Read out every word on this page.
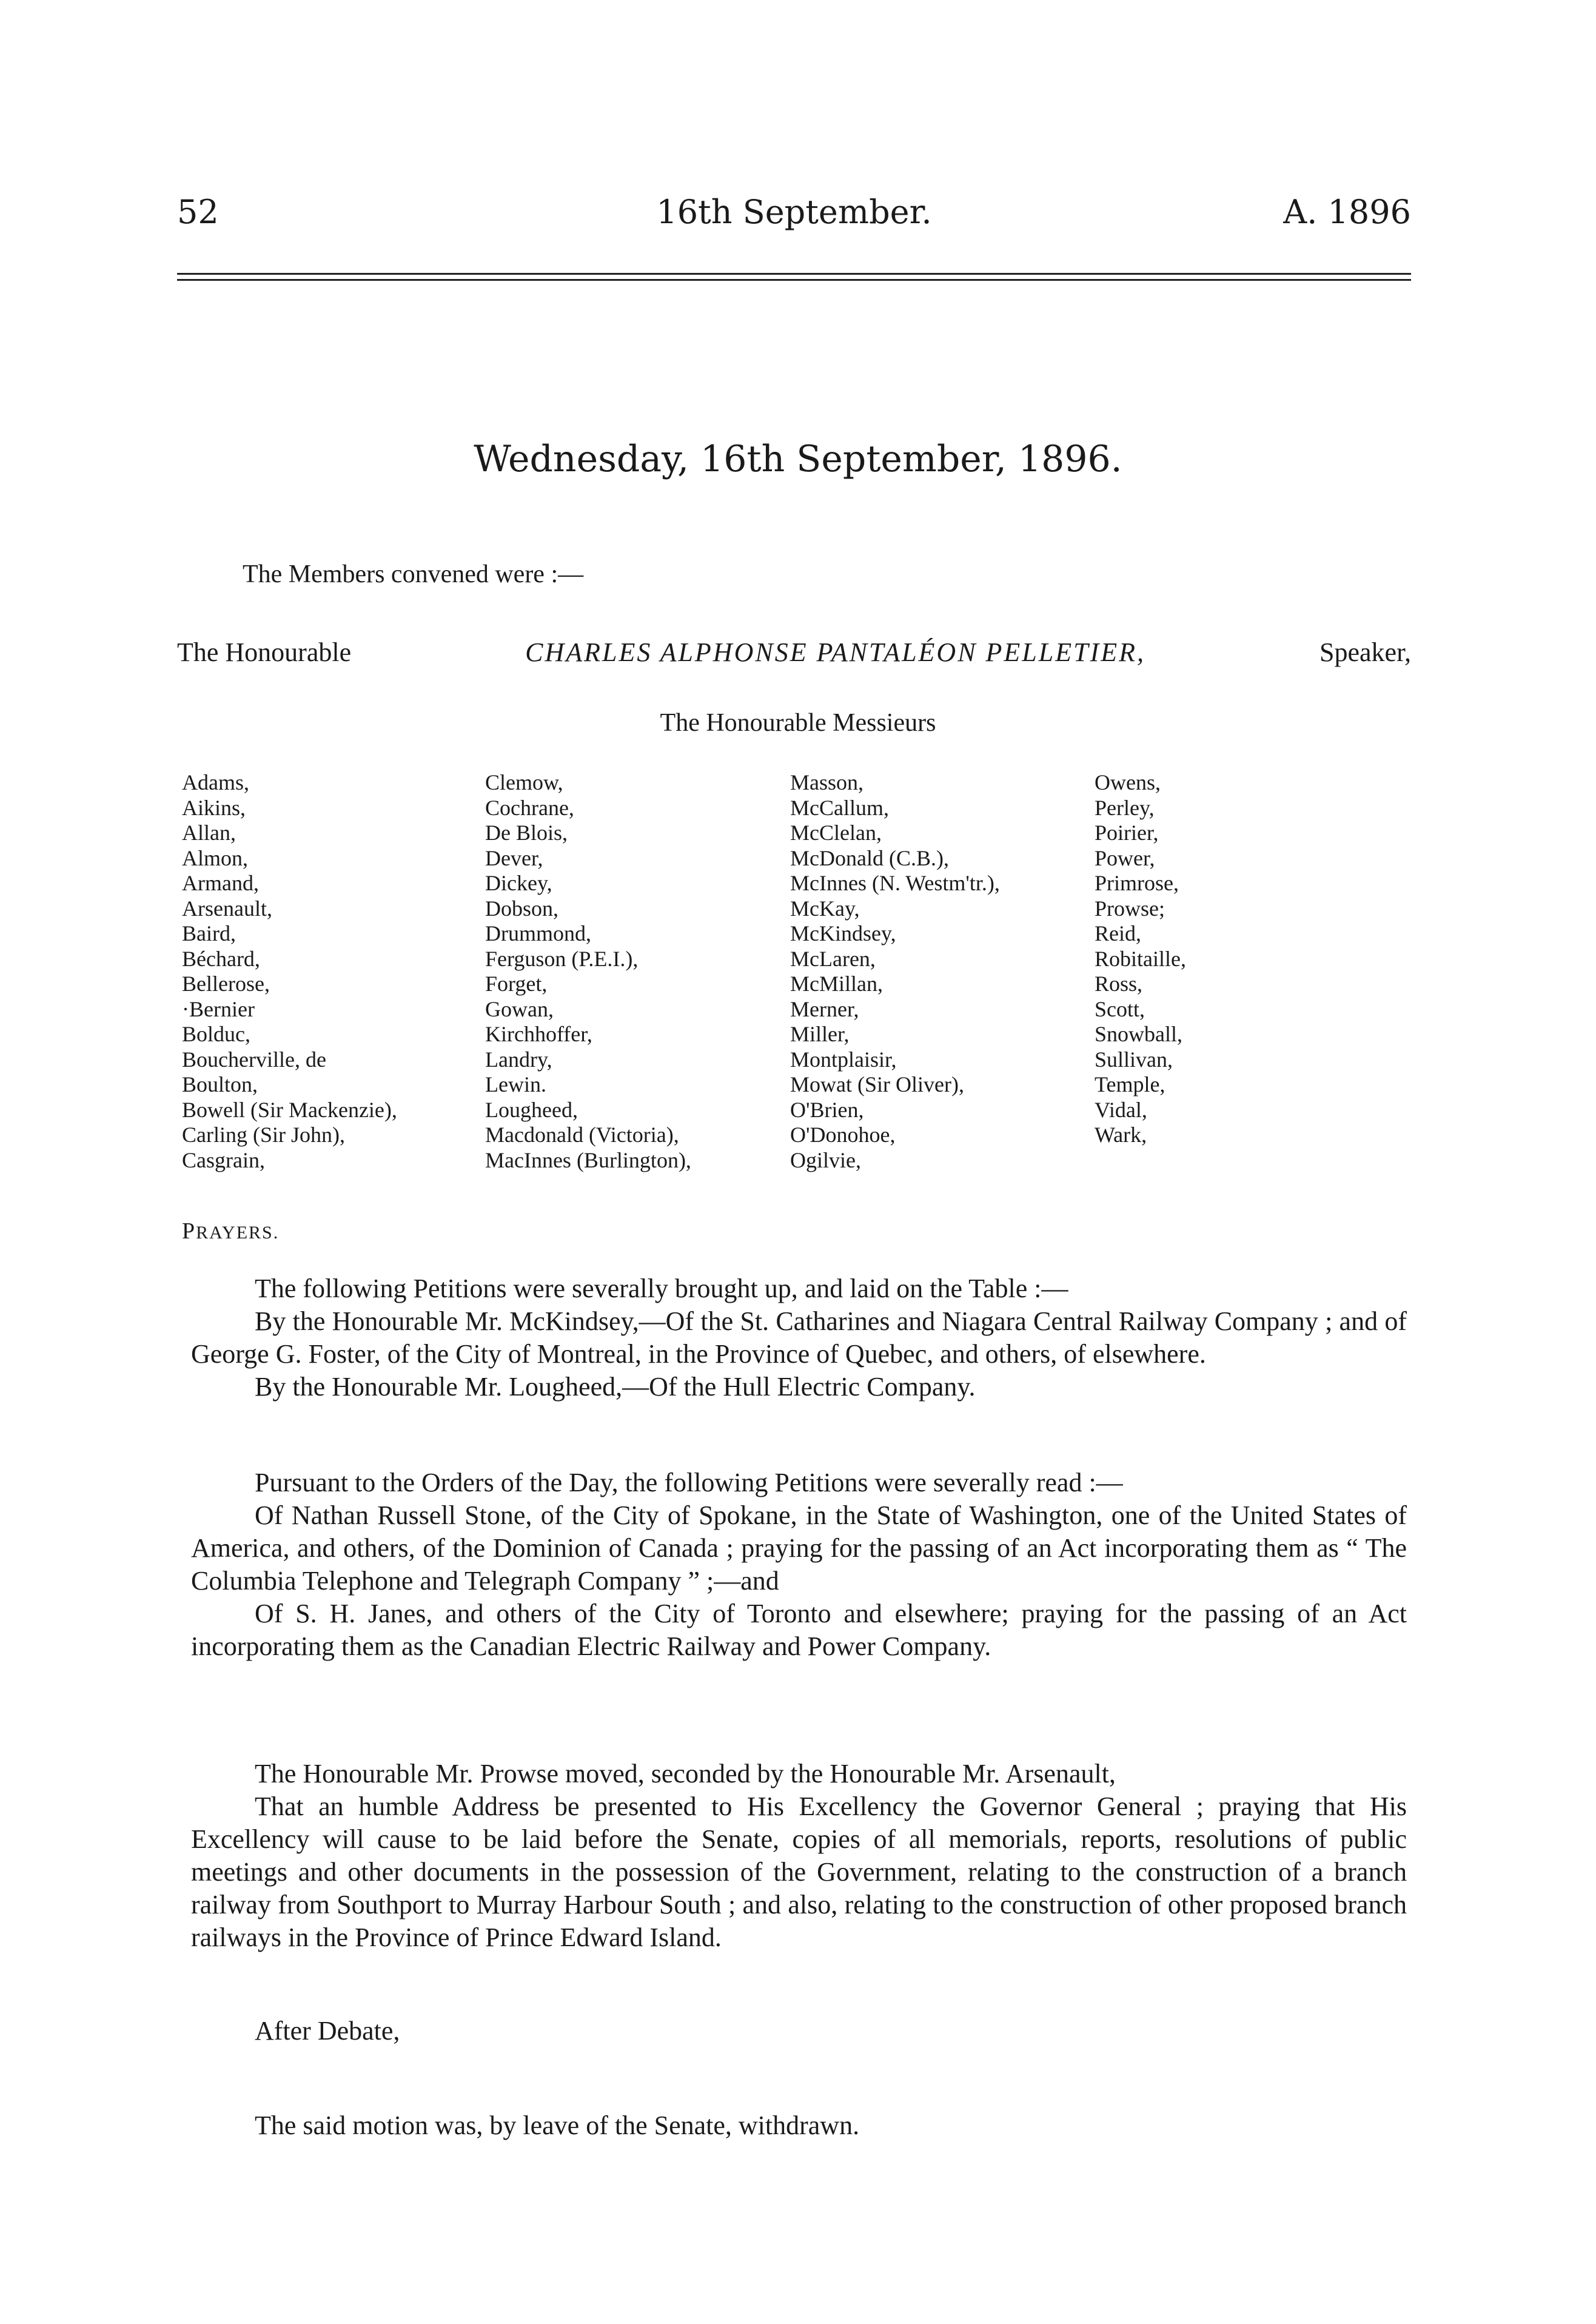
52	16th September.	A. 1896
Wednesday, 16th September, 1896.
The Members convened were :—
The Honourable	CHARLES ALPHONSE PANTALÉON PELLETIER,	Speaker,
The Honourable Messieurs
Adams,
Aikins,
Allan,
Almon,
Armand,
Arsenault,
Baird,
Béchard,
Bellerose,
·Bernier
Bolduc,
Boucherville, de
Boulton,
Bowell (Sir Mackenzie),
Carling (Sir John),
Casgrain,
Clemow,
Cochrane,
De Blois,
Dever,
Dickey,
Dobson,
Drummond,
Ferguson (P.E.I.),
Forget,
Gowan,
Kirchhoffer,
Landry,
Lewin.
Lougheed,
Macdonald (Victoria),
MacInnes (Burlington),
Masson,
McCallum,
McClelan,
McDonald (C.B.),
McInnes (N. Westm'tr.),
McKay,
McKindsey,
McLaren,
McMillan,
Merner,
Miller,
Montplaisir,
Mowat (Sir Oliver),
O'Brien,
O'Donohoe,
Ogilvie,
Owens,
Perley,
Poirier,
Power,
Primrose,
Prowse;
Reid,
Robitaille,
Ross,
Scott,
Snowball,
Sullivan,
Temple,
Vidal,
Wark,
PRAYERS.

The following Petitions were severally brought up, and laid on the Table :—

By the Honourable Mr. McKindsey,—Of the St. Catharines and Niagara Central Railway Company ; and of George G. Foster, of the City of Montreal, in the Province of Quebec, and others, of elsewhere.

By the Honourable Mr. Lougheed,—Of the Hull Electric Company.

Pursuant to the Orders of the Day, the following Petitions were severally read :—

Of Nathan Russell Stone, of the City of Spokane, in the State of Washington, one of the United States of America, and others, of the Dominion of Canada ; praying for the passing of an Act incorporating them as “ The Columbia Telephone and Telegraph Company ” ;—and

Of S. H. Janes, and others of the City of Toronto and elsewhere; praying for the passing of an Act incorporating them as the Canadian Electric Railway and Power Company.

The Honourable Mr. Prowse moved, seconded by the Honourable Mr. Arsenault,

That an humble Address be presented to His Excellency the Governor General ; praying that His Excellency will cause to be laid before the Senate, copies of all memorials, reports, resolutions of public meetings and other documents in the possession of the Government, relating to the construction of a branch railway from Southport to Murray Harbour South ; and also, relating to the construction of other proposed branch railways in the Province of Prince Edward Island.

After Debate,

The said motion was, by leave of the Senate, withdrawn.
